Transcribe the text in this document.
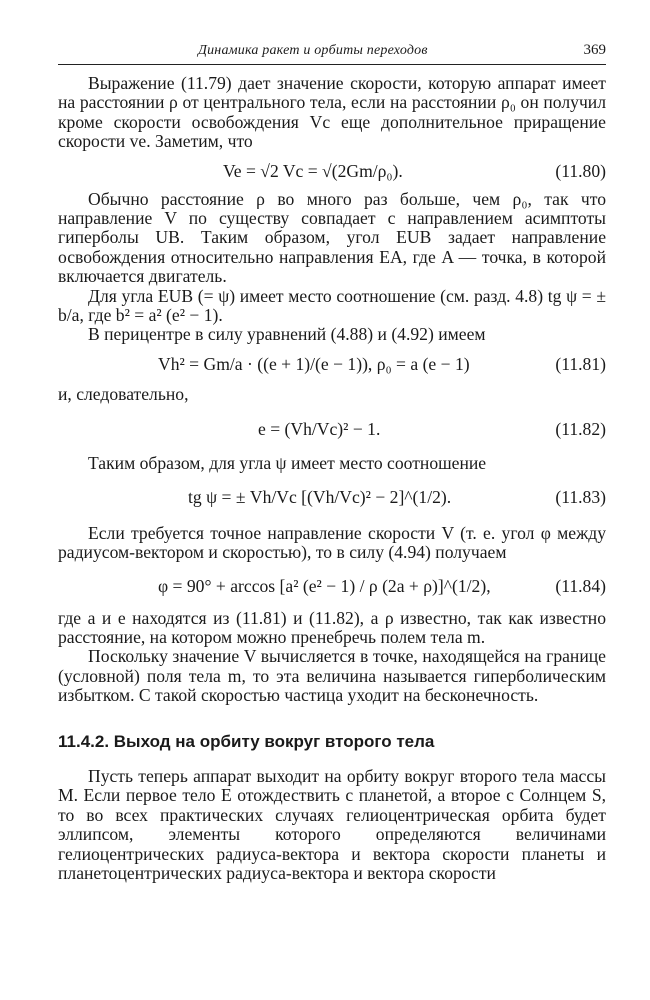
Динамика ракет и орбиты переходов	369

Выражение (11.79) дает значение скорости, которую аппарат имеет на расстоянии ρ от центрального тела, если на расстоянии ρ₀ он получил кроме скорости освобождения Vc еще дополнительное приращение скорости ve. Заметим, что

Ve = √2 Vc = √(2Gm/ρ₀).	(11.80)

Обычно расстояние ρ во много раз больше, чем ρ₀, так что направление V по существу совпадает с направлением асимптоты гиперболы UB. Таким образом, угол EUB задает направление освобождения относительно направления EA, где A — точка, в которой включается двигатель.

Для угла EUB (= ψ) имеет место соотношение (см. разд. 4.8) tg ψ = ± b/a, где b² = a² (e² − 1).

В перицентре в силу уравнений (4.88) и (4.92) имеем

Vh² = Gm/a · ((e + 1)/(e − 1)), ρ₀ = a (e − 1)	(11.81)

и, следовательно,

e = (Vh/Vc)² − 1.	(11.82)

Таким образом, для угла ψ имеет место соотношение

tg ψ = ± Vh/Vc [(Vh/Vc)² − 2]^(1/2).	(11.83)

Если требуется точное направление скорости V (т. е. угол φ между радиусом-вектором и скоростью), то в силу (4.94) получаем

φ = 90° + arccos [a² (e² − 1) / ρ (2a + ρ)]^(1/2),	(11.84)

где a и e находятся из (11.81) и (11.82), а ρ известно, так как известно расстояние, на котором можно пренебречь полем тела m.

Поскольку значение V вычисляется в точке, находящейся на границе (условной) поля тела m, то эта величина называется гиперболическим избытком. С такой скоростью частица уходит на бесконечность.

11.4.2. Выход на орбиту вокруг второго тела

Пусть теперь аппарат выходит на орбиту вокруг второго тела массы M. Если первое тело E отождествить с планетой, а второе с Солнцем S, то во всех практических случаях гелиоцентрическая орбита будет эллипсом, элементы которого определяются величинами гелиоцентрических радиуса-вектора и вектора скорости планеты и планетоцентрических радиуса-вектора и вектора скорости
